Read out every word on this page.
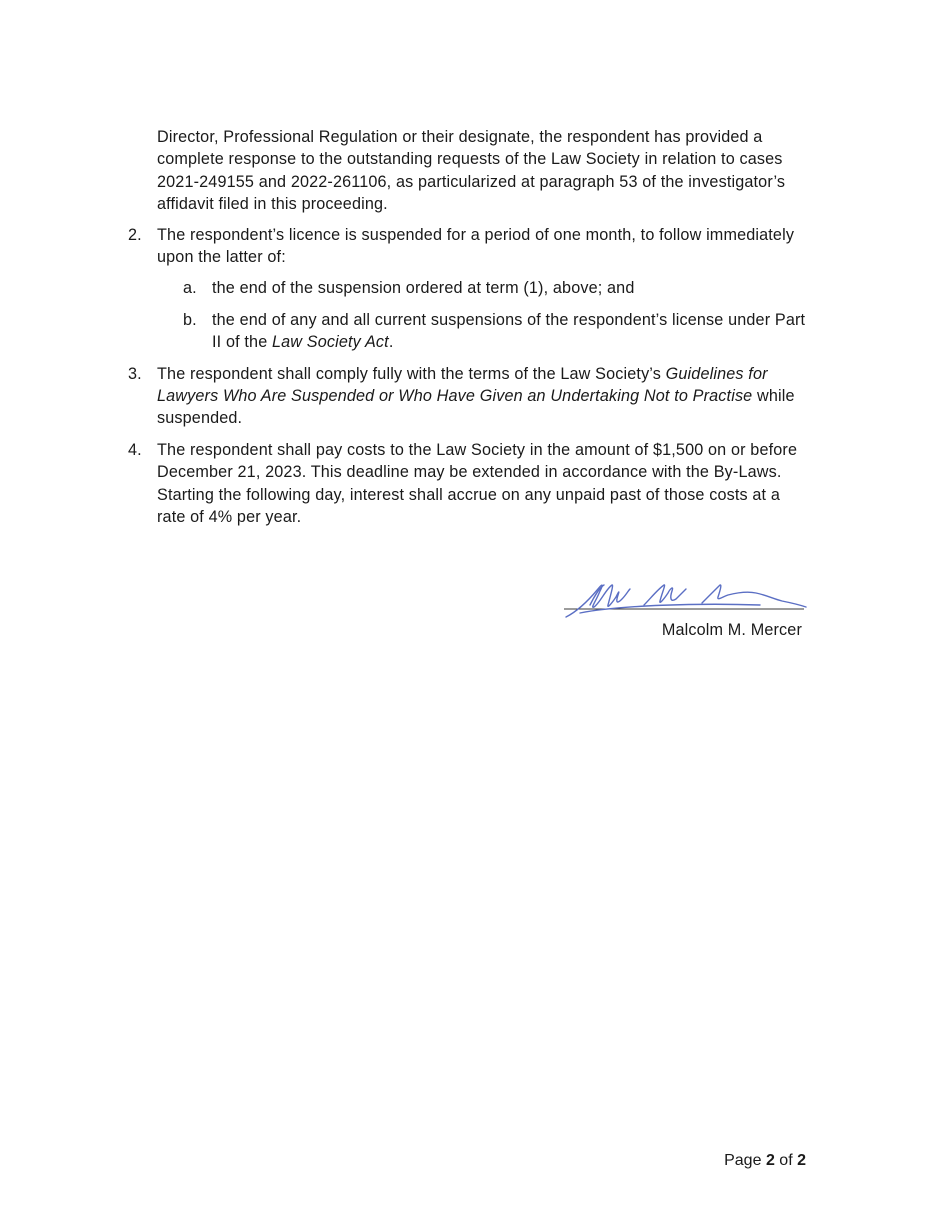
Director, Professional Regulation or their designate, the respondent has provided a complete response to the outstanding requests of the Law Society in relation to cases 2021-249155 and 2022-261106, as particularized at paragraph 53 of the investigator’s affidavit filed in this proceeding.

2. The respondent’s licence is suspended for a period of one month, to follow immediately upon the latter of:

a. the end of the suspension ordered at term (1), above; and

b. the end of any and all current suspensions of the respondent’s license under Part II of the Law Society Act.

3. The respondent shall comply fully with the terms of the Law Society’s Guidelines for Lawyers Who Are Suspended or Who Have Given an Undertaking Not to Practise while suspended.

4. The respondent shall pay costs to the Law Society in the amount of $1,500 on or before December 21, 2023. This deadline may be extended in accordance with the By-Laws. Starting the following day, interest shall accrue on any unpaid past of those costs at a rate of 4% per year.

Malcolm M. Mercer
Page 2 of 2
